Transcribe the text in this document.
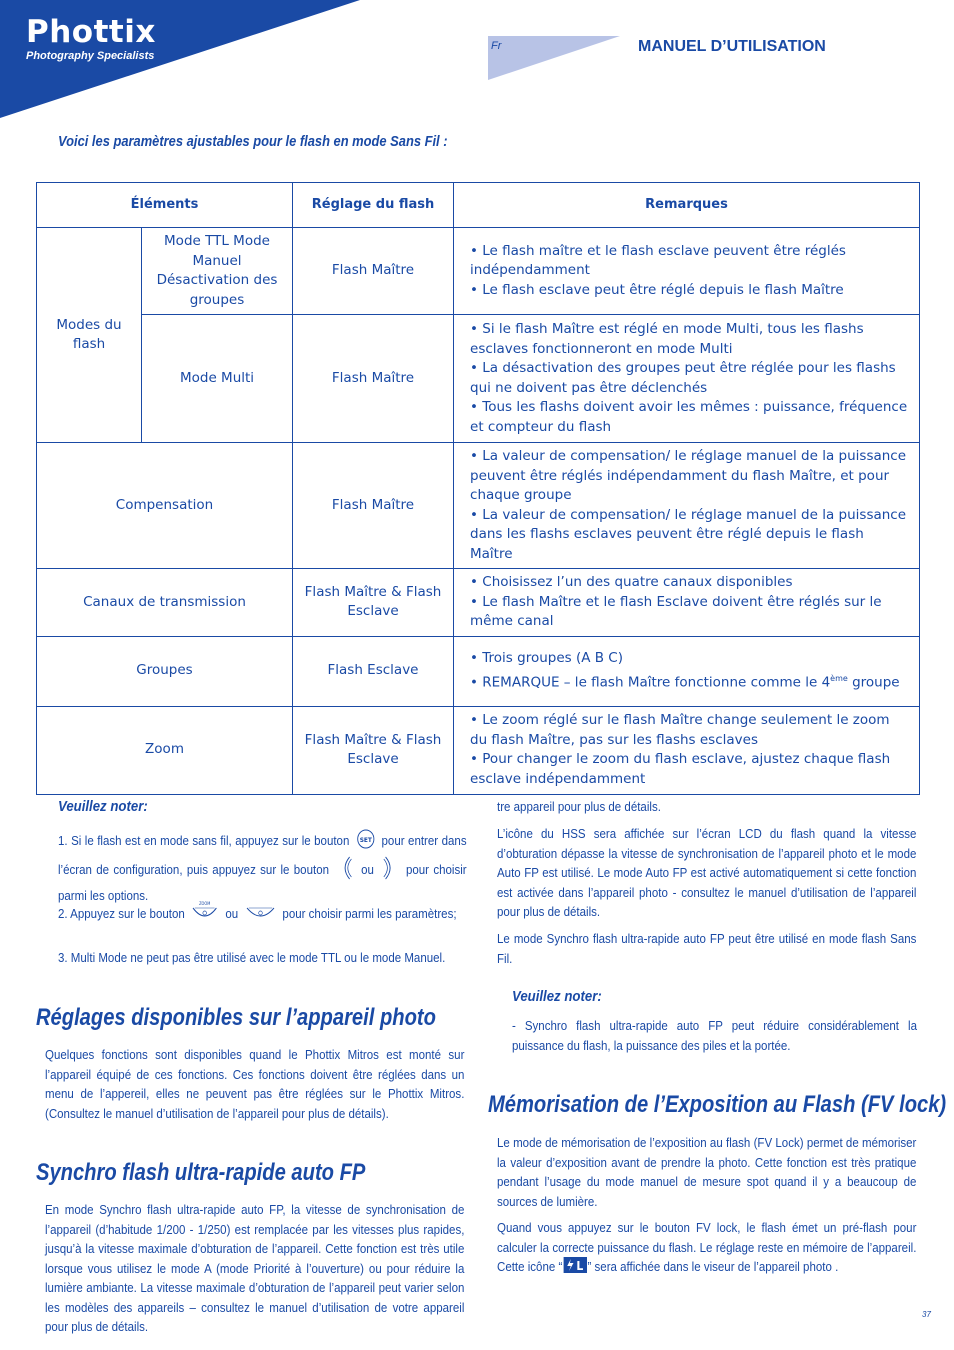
Phottix
Photography Specialists
Fr	MANUEL D’UTILISATION
Voici les paramètres ajustables pour le flash en mode Sans Fil :
Éléments		Réglage du flash	Remarques
Modes du flash	Mode TTL Mode Manuel Désactivation des groupes	Flash Maître	• Le flash maître et le flash esclave peuvent être réglés indépendamment
• Le flash esclave peut être réglé depuis le flash Maître
	Mode Multi	Flash Maître	• Si le flash Maître est réglé en mode Multi, tous les flashs esclaves fonctionneront en mode Multi
• La désactivation des groupes peut être réglée pour les flashs qui ne doivent pas être déclenchés
• Tous les flashs doivent avoir les mêmes : puissance, fréquence et compteur du flash
Compensation		Flash Maître	• La valeur de compensation/ le réglage manuel de la puissance peuvent être réglés indépendamment du flash Maître, et pour chaque groupe
• La valeur de compensation/ le réglage manuel de la puissance dans les flashs esclaves peuvent être réglé depuis le flash Maître
Canaux de transmission		Flash Maître & Flash Esclave	• Choisissez l’un des quatre canaux disponibles
• Le flash Maître et le flash Esclave doivent être réglés sur le même canal
Groupes		Flash Esclave	• Trois groupes (A B C)
• REMARQUE – le flash Maître fonctionne comme le 4ème groupe
Zoom		Flash Maître & Flash Esclave	• Le zoom réglé sur le flash Maître change seulement le zoom du flash Maître, pas sur les flashs esclaves
• Pour changer le zoom du flash esclave, ajustez chaque flash esclave indépendamment
Veuillez noter:
1. Si le flash est en mode sans fil, appuyez sur le bouton SET pour entrer dans l’écran de configuration, puis appuyez sur le bouton	ou	pour choisir parmi les options.
2. Appuyez sur le bouton
ZOOM
ou	pour choisir parmi les paramètres;
3. Multi Mode ne peut pas être utilisé avec le mode TTL ou le mode Manuel.
Réglages disponibles sur l’appareil photo
Quelques fonctions sont disponibles quand le Phottix Mitros est monté sur l’appareil équipé de ces fonctions. Ces fonctions doivent être réglées dans un menu de l’appereil, elles ne peuvent pas être réglées sur le Phottix Mitros. (Consultez le manuel d’utilisation de l’appareil pour plus de détails).
Synchro flash ultra-rapide auto FP
En mode Synchro flash ultra-rapide auto FP, la vitesse de synchronisation de l’appareil (d’habitude 1/200 - 1/250) est remplacée par les vitesses plus rapides, jusqu’à la vitesse maximale d’obturation de l’appareil. Cette fonction est très utile lorsque vous utilisez le mode A (mode Priorité à l’ouverture) ou pour réduire la lumière ambiante. La vitesse maximale d’obturation de l’appareil peut varier selon les modèles des appareils – consultez le manuel d’utilisation de votre appareil pour plus de détails.
tre appareil pour plus de détails.
L’icône du HSS sera affichée sur l’écran LCD du flash quand la vitesse d’obturation dépasse la vitesse de synchronisation de l’appareil photo et le mode Auto FP est utilisé. Le mode Auto FP est activé automatiquement si cette fonction est activée dans l’appareil photo - consultez le manuel d’utilisation de l’appareil pour plus de détails.
Le mode Synchro flash ultra-rapide auto FP peut être utilisé en mode flash Sans Fil.
Veuillez noter:
- Synchro flash ultra-rapide auto FP peut réduire considérablement la puissance du flash, la puissance des piles et la portée.
Mémorisation de l’Exposition au Flash (FV lock)
Le mode de mémorisation de l’exposition au flash (FV Lock) permet de mémoriser la valeur d’exposition avant de prendre la photo. Cette fonction est très pratique pendant l’usage du mode manuel de mesure spot quand il y a beaucoup de sources de lumière.
Quand vous appuyez sur le bouton FV lock, le flash émet un pré-flash pour calculer la correcte puissance du flash. Le réglage reste en mémoire de l’appareil. Cette icône “ L ” sera affichée dans le viseur de l’appareil photo .
37
